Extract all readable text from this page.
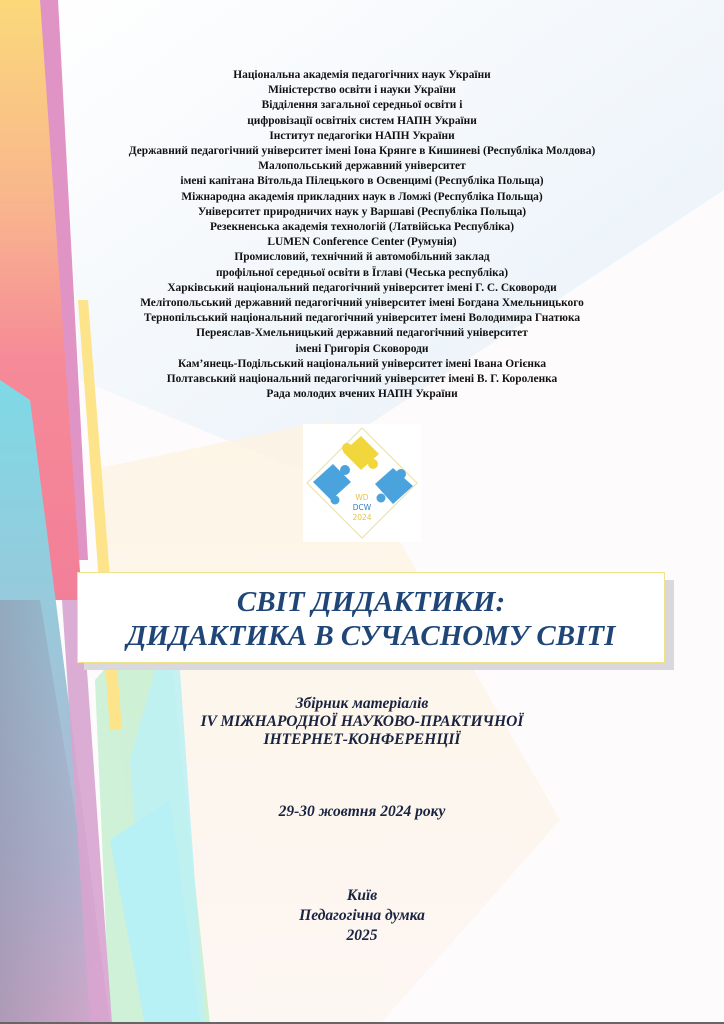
Національна академія педагогічних наук України
Міністерство освіти і науки України
Відділення загальної середньої освіти і
цифровізації освітніх систем НАПН України
Інститут педагогіки НАПН України
Державний педагогічний університет імені Іона Крянге в Кишиневі (Республіка Молдова)
Малопольський державний університет
імені капітана Вітольда Пілецького в Освенцимі (Республіка Польща)
Міжнародна академія прикладних наук в Ломжі (Республіка Польща)
Університет природничих наук у Варшаві (Республіка Польща)
Резекненська академія технологій (Латвійська Республіка)
LUMEN Conference Center (Румунія)
Промисловий, технічний й автомобільний заклад
профільної середньої освіти в Їглаві (Чеська республіка)
Харківський національний педагогічний університет імені Г. С. Сковороди
Мелітопольський державний педагогічний університет імені Богдана Хмельницького
Тернопільський національний педагогічний університет імені Володимира Гнатюка
Переяслав-Хмельницький державний педагогічний університет
імені Григорія Сковороди
Кам’янець-Подільський національний університет імені Івана Огієнка
Полтавський національний педагогічний університет імені В. Г. Короленка
Рада молодих вчених НАПН України
WD
DCW
2024
СВІТ ДИДАКТИКИ:
ДИДАКТИКА В СУЧАСНОМУ СВІТІ
Збірник матеріалів
IV МІЖНАРОДНОЇ НАУКОВО-ПРАКТИЧНОЇ
ІНТЕРНЕТ-КОНФЕРЕНЦІЇ
29-30 жовтня 2024 року
Київ
Педагогічна думка
2025
